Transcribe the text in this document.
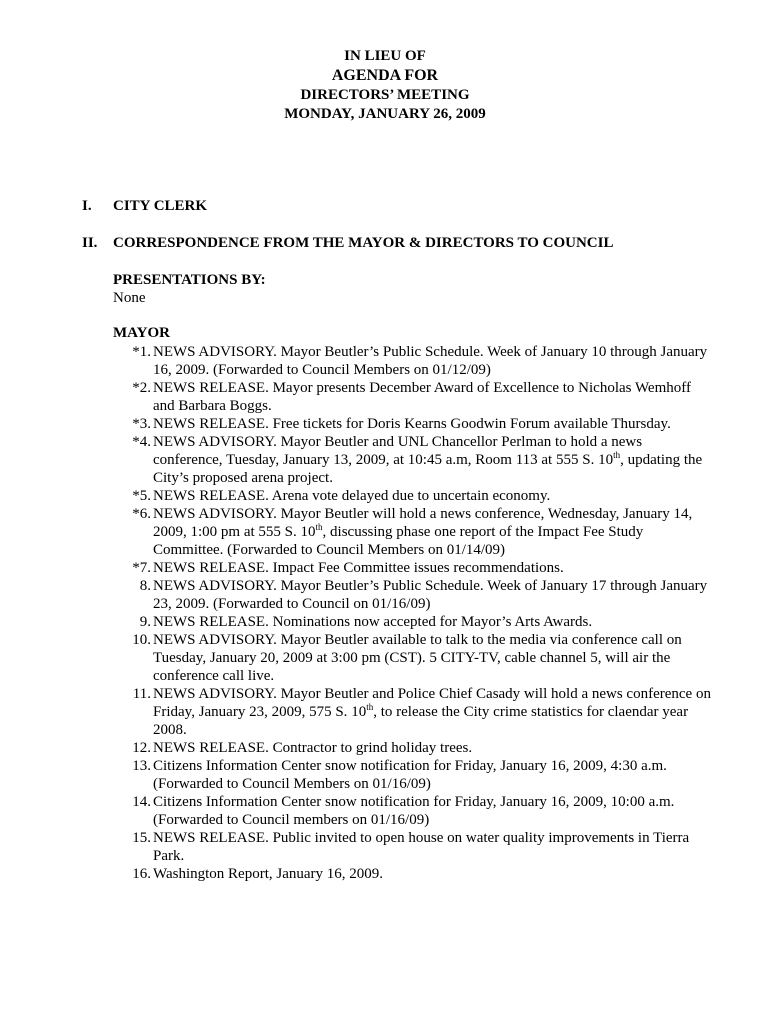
IN LIEU OF
AGENDA FOR
DIRECTORS’ MEETING
MONDAY, JANUARY 26, 2009
I. CITY CLERK
II. CORRESPONDENCE FROM THE MAYOR & DIRECTORS TO COUNCIL
PRESENTATIONS BY:
None
MAYOR
*1. NEWS ADVISORY. Mayor Beutler’s Public Schedule. Week of January 10 through January 16, 2009. (Forwarded to Council Members on 01/12/09)
*2. NEWS RELEASE. Mayor presents December Award of Excellence to Nicholas Wemhoff and Barbara Boggs.
*3. NEWS RELEASE. Free tickets for Doris Kearns Goodwin Forum available Thursday.
*4. NEWS ADVISORY. Mayor Beutler and UNL Chancellor Perlman to hold a news conference, Tuesday, January 13, 2009, at 10:45 a.m, Room 113 at 555 S. 10th, updating the City’s proposed arena project.
*5. NEWS RELEASE. Arena vote delayed due to uncertain economy.
*6. NEWS ADVISORY. Mayor Beutler will hold a news conference, Wednesday, January 14, 2009, 1:00 pm at 555 S. 10th, discussing phase one report of the Impact Fee Study Committee. (Forwarded to Council Members on 01/14/09)
*7. NEWS RELEASE. Impact Fee Committee issues recommendations.
8. NEWS ADVISORY. Mayor Beutler’s Public Schedule. Week of January 17 through January 23, 2009. (Forwarded to Council on 01/16/09)
9. NEWS RELEASE. Nominations now accepted for Mayor’s Arts Awards.
10. NEWS ADVISORY. Mayor Beutler available to talk to the media via conference call on Tuesday, January 20, 2009 at 3:00 pm (CST). 5 CITY-TV, cable channel 5, will air the conference call live.
11. NEWS ADVISORY. Mayor Beutler and Police Chief Casady will hold a news conference on Friday, January 23, 2009, 575 S. 10th, to release the City crime statistics for claendar year 2008.
12. NEWS RELEASE. Contractor to grind holiday trees.
13. Citizens Information Center snow notification for Friday, January 16, 2009, 4:30 a.m. (Forwarded to Council Members on 01/16/09)
14. Citizens Information Center snow notification for Friday, January 16, 2009, 10:00 a.m. (Forwarded to Council members on 01/16/09)
15. NEWS RELEASE. Public invited to open house on water quality improvements in Tierra Park.
16. Washington Report, January 16, 2009.
